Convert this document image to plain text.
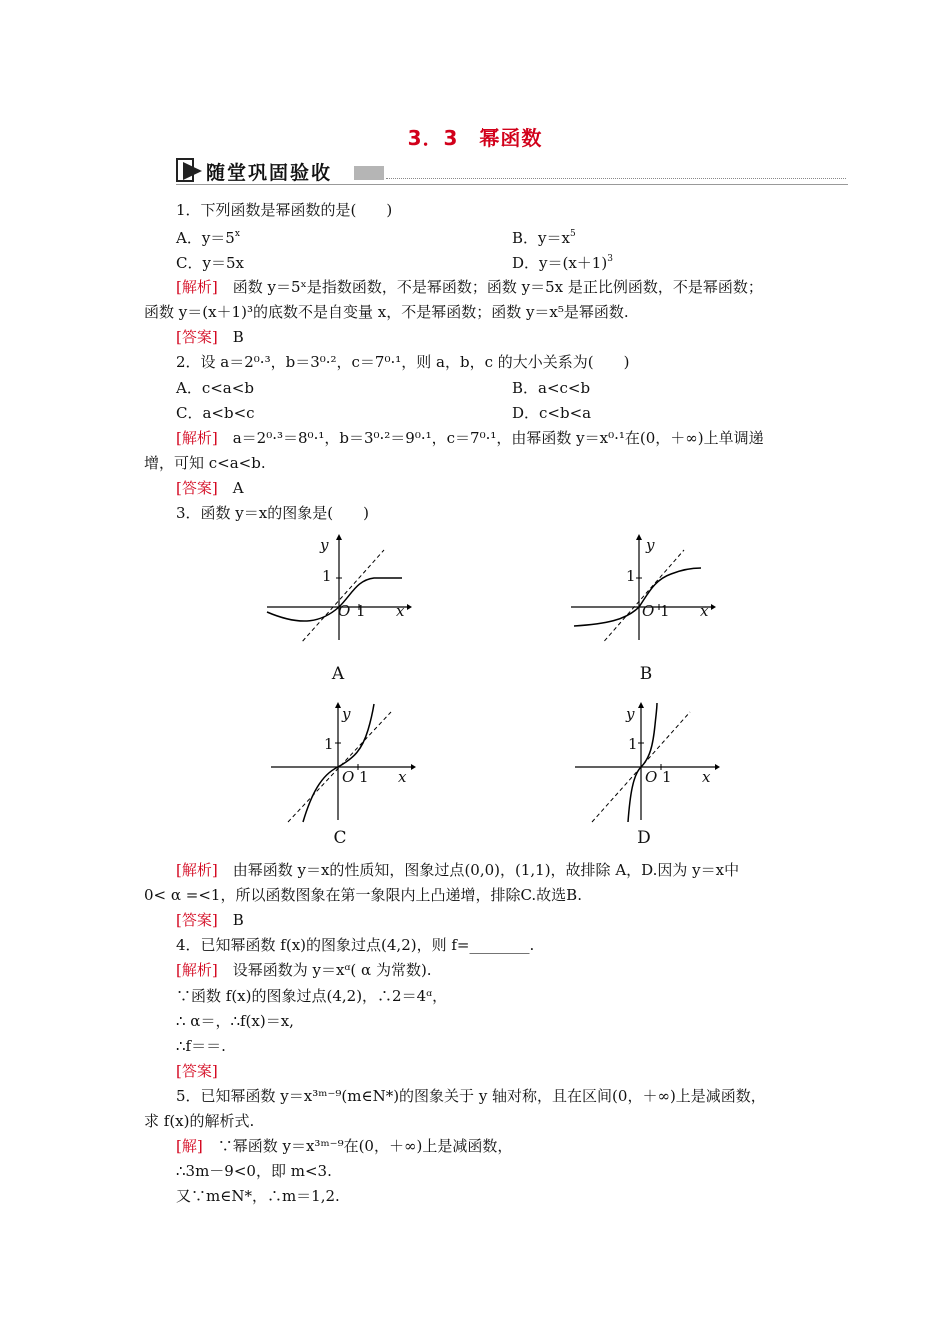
3．3　幂函数
随堂巩固验收
1．下列函数是幂函数的是(　　)
A．$y=5^x$	B．$y=x^5$
C．y＝5x	D．$y=(x+1)^3$
[解析]　 函数 y＝5ˣ是指数函数，不是幂函数；函数 y＝5x 是正比例函数，不是幂函数；
函数 y＝(x＋1)³的底数不是自变量 x，不是幂函数；函数 y＝x⁵是幂函数.
[答案]　 B
2．设 a＝2⁰·³，b＝3⁰·²，c＝7⁰·¹，则 a，b，c 的大小关系为(　　)
A．c<a<b	B．a<c<b
C．a<b<c	D．c<b<a
[解析]　 a＝2⁰·³＝8⁰·¹，b＝3⁰·²＝9⁰·¹，c＝7⁰·¹，由幂函数 y＝x⁰·¹在(0，＋∞)上单调递
增，可知 c<a<b.
[答案]　 A
3．函数 y＝x的图象是(　　)
y
1
O 1 x
A
y
1
O 1 x
B
y
1
O 1 x
C
y
1
O 1 x
D
[解析]　 由幂函数 y＝x的性质知，图象过点(0,0)，(1,1)，故排除 A，D.因为 y＝x中
0< α =<1，所以函数图象在第一象限内上凸递增，排除C.故选B.
[答案]　 B
4．已知幂函数 f(x)的图象过点(4,2)，则 f=________.
[解析]　 设幂函数为 y＝xᵅ( α 为常数).
∵函数 f(x)的图象过点(4,2)，∴2＝4ᵅ，
∴ α＝，∴f(x)＝x,
∴f＝＝.
[答案]
5．已知幂函数 y＝x³ᵐ⁻⁹(m∈N*)的图象关于 y 轴对称，且在区间(0，＋∞)上是减函数，
求 f(x)的解析式.
[解]　 ∵幂函数 y＝x³ᵐ⁻⁹在(0，＋∞)上是减函数，
∴3m－9<0，即 m<3.
又∵m∈N*，∴m＝1,2.
